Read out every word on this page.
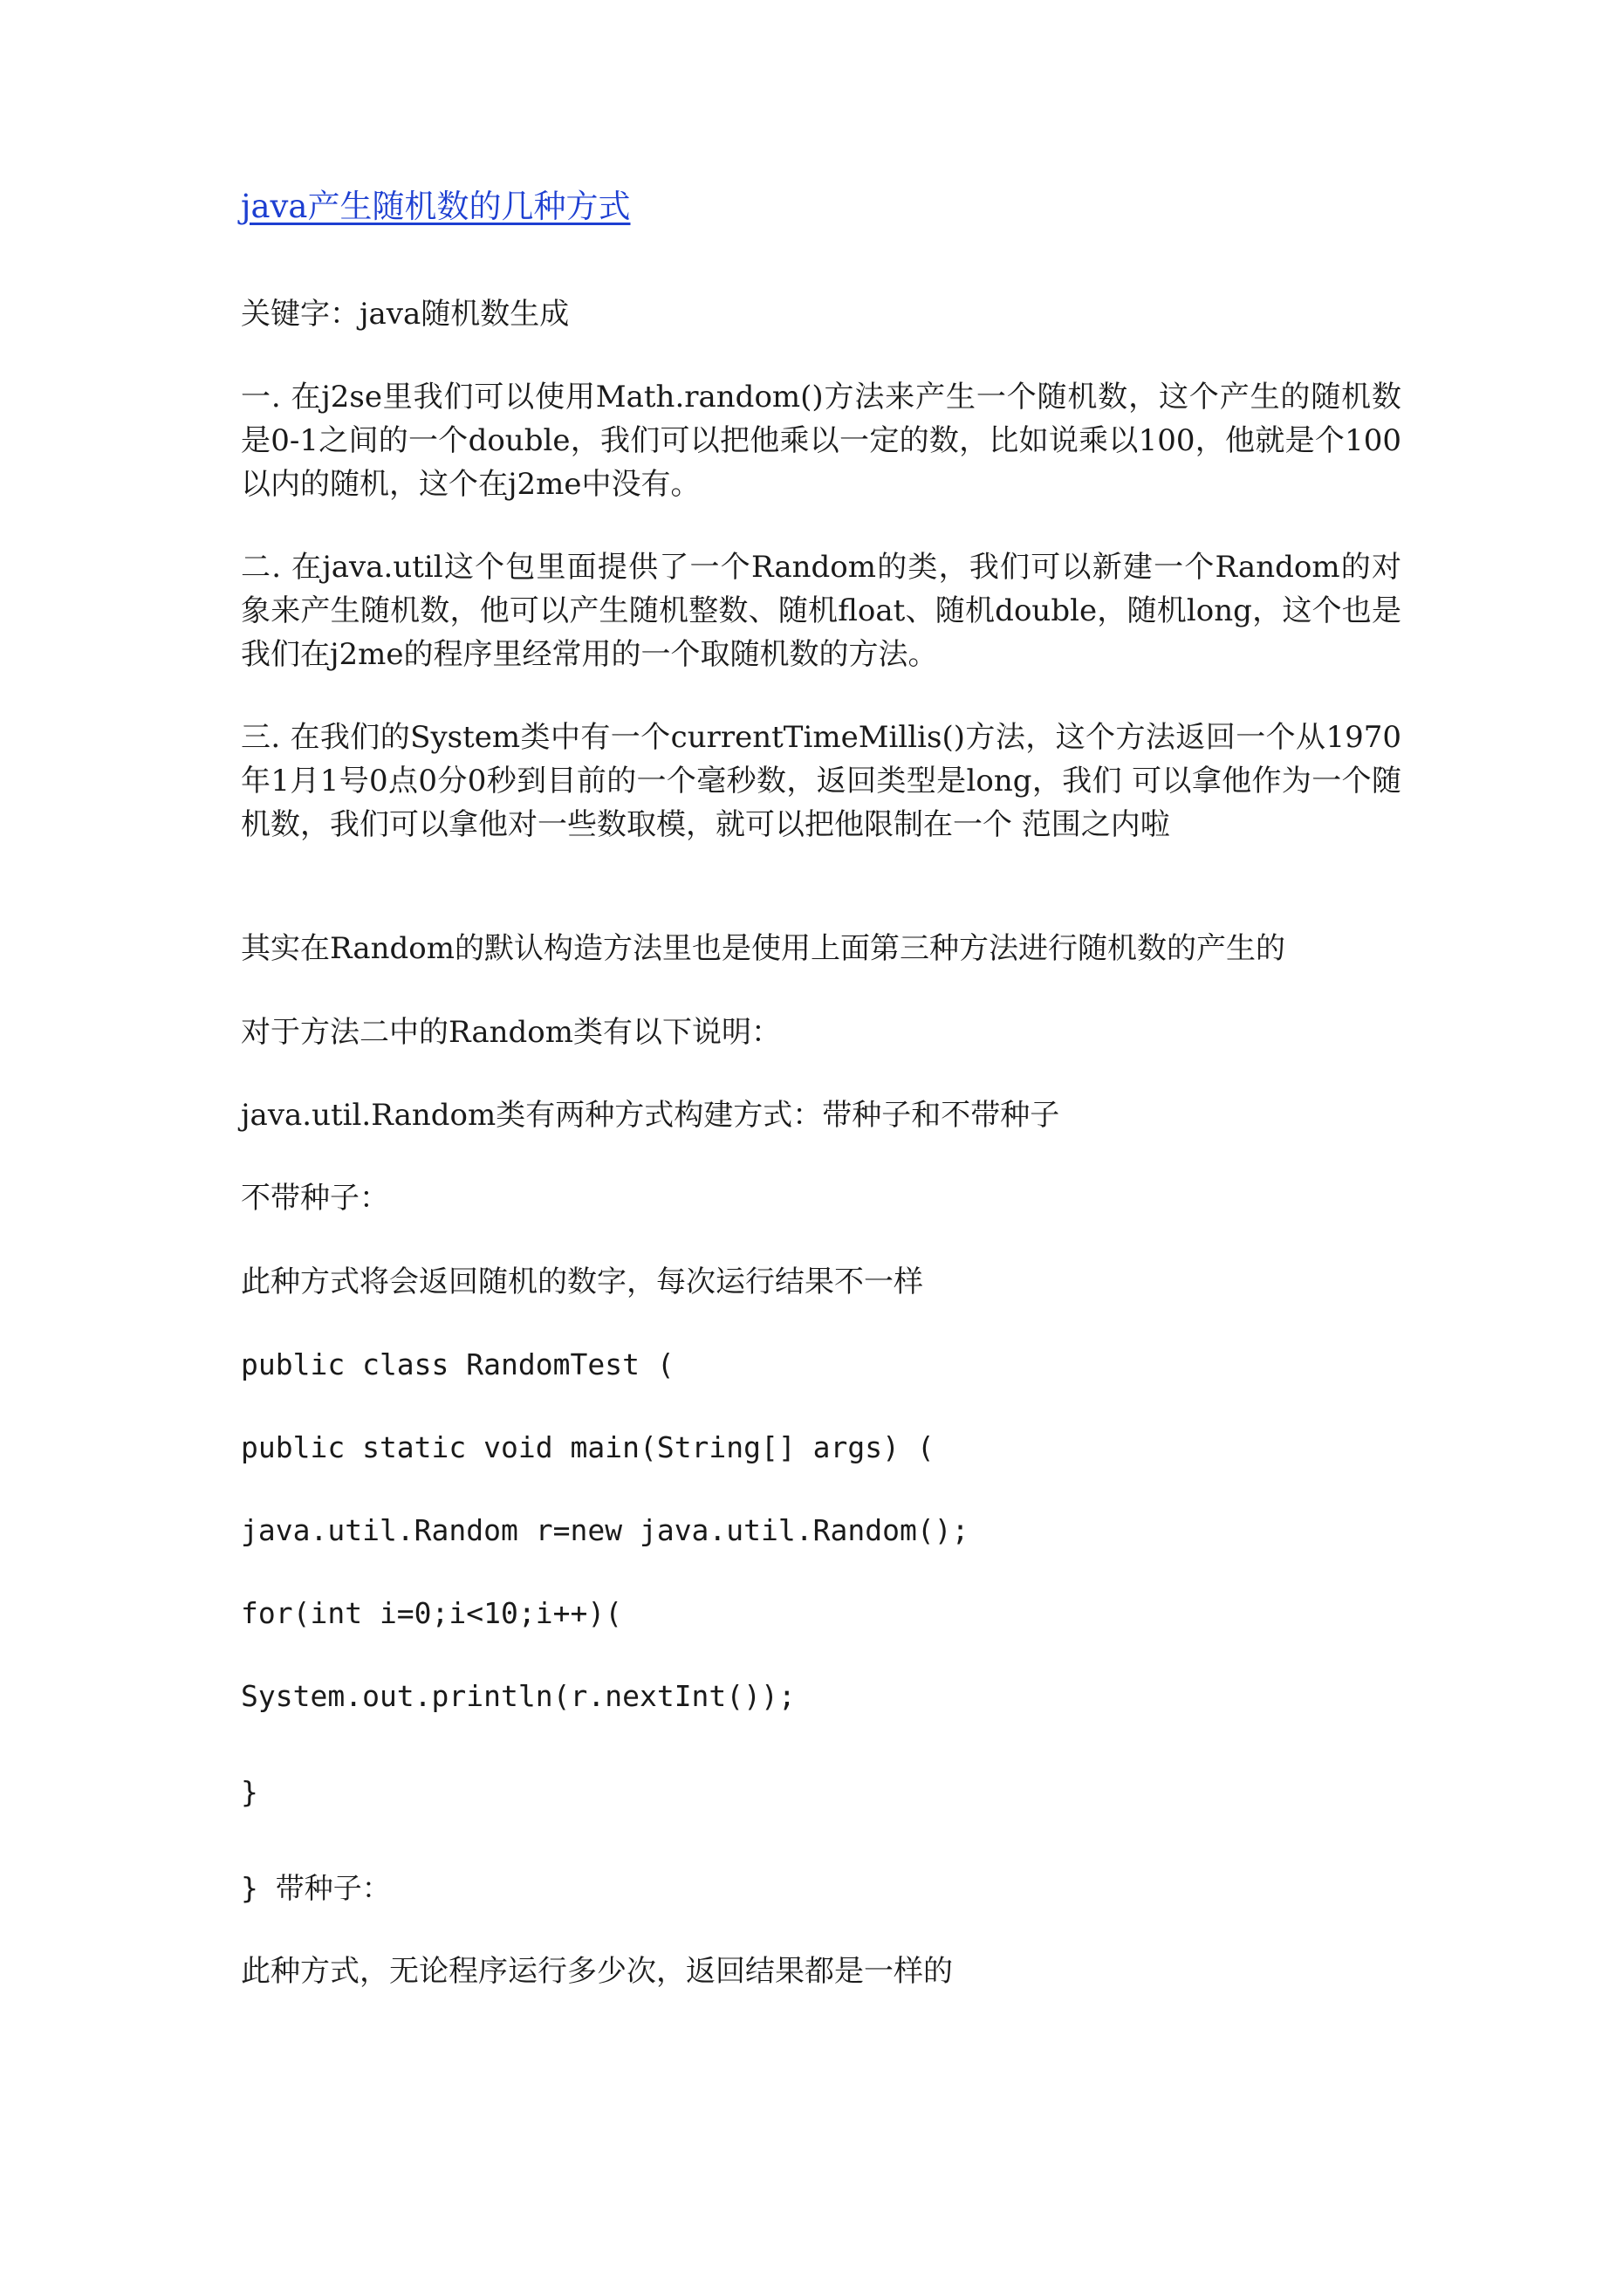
java产生随机数的几种方式

关键字：java随机数生成

一. 在j2se里我们可以使用Math.random()方法来产生一个随机数，这个产生的随机数是0-1之间的一个double，我们可以把他乘以一定的数，比如说乘以100，他就是个100以内的随机，这个在j2me中没有。

二. 在java.util这个包里面提供了一个Random的类，我们可以新建一个Random的对象来产生随机数，他可以产生随机整数、随机float、随机double，随机long，这个也是我们在j2me的程序里经常用的一个取随机数的方法。

三. 在我们的System类中有一个currentTimeMillis()方法，这个方法返回一个从1970年1月1号0点0分0秒到目前的一个毫秒数，返回类型是long，我们 可以拿他作为一个随机数，我们可以拿他对一些数取模，就可以把他限制在一个 范围之内啦

其实在Random的默认构造方法里也是使用上面第三种方法进行随机数的产生的

对于方法二中的Random类有以下说明：

java.util.Random类有两种方式构建方式：带种子和不带种子

不带种子：

此种方式将会返回随机的数字，每次运行结果不一样

public class RandomTest (

public static void main(String[] args) (

java.util.Random r=new java.util.Random();

for(int i=0;i<10;i++)(

System.out.println(r.nextInt());

}

} 带种子：

此种方式，无论程序运行多少次，返回结果都是一样的
